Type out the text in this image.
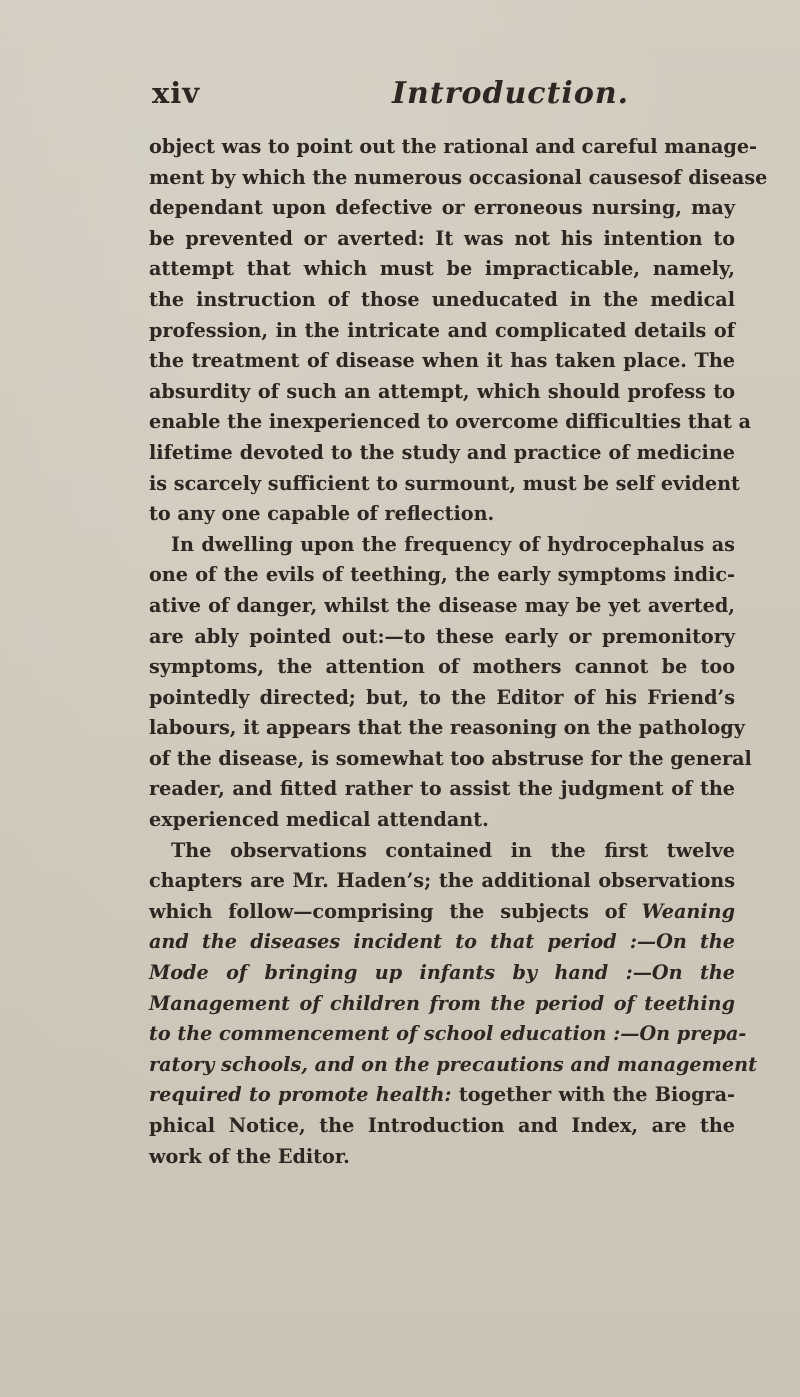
xiv	Introduction.
object was to point out the rational and careful manage-
ment by which the numerous occasional causesof disease
dependant upon defective or erroneous nursing, may
be prevented or averted: It was not his intention to
attempt that which must be impracticable, namely,
the instruction of those uneducated in the medical
profession, in the intricate and complicated details of
the treatment of disease when it has taken place. The
absurdity of such an attempt, which should profess to
enable the inexperienced to overcome difficulties that a
lifetime devoted to the study and practice of medicine
is scarcely sufficient to surmount, must be self evident
to any one capable of reflection.
In dwelling upon the frequency of hydrocephalus as
one of the evils of teething, the early symptoms indic-
ative of danger, whilst the disease may be yet averted,
are ably pointed out:—to these early or premonitory
symptoms, the attention of mothers cannot be too
pointedly directed; but, to the Editor of his Friend’s
labours, it appears that the reasoning on the pathology
of the disease, is somewhat too abstruse for the general
reader, and fitted rather to assist the judgment of the
experienced medical attendant.
The observations contained in the first twelve
chapters are Mr. Haden’s; the additional observations
which follow—comprising the subjects of Weaning
and the diseases incident to that period :—On the
Mode of bringing up infants by hand :—On the
Management of children from the period of teething
to the commencement of school education :—On prepa-
ratory schools, and on the precautions and management
required to promote health: together with the Biogra-
phical Notice, the Introduction and Index, are the
work of the Editor.
